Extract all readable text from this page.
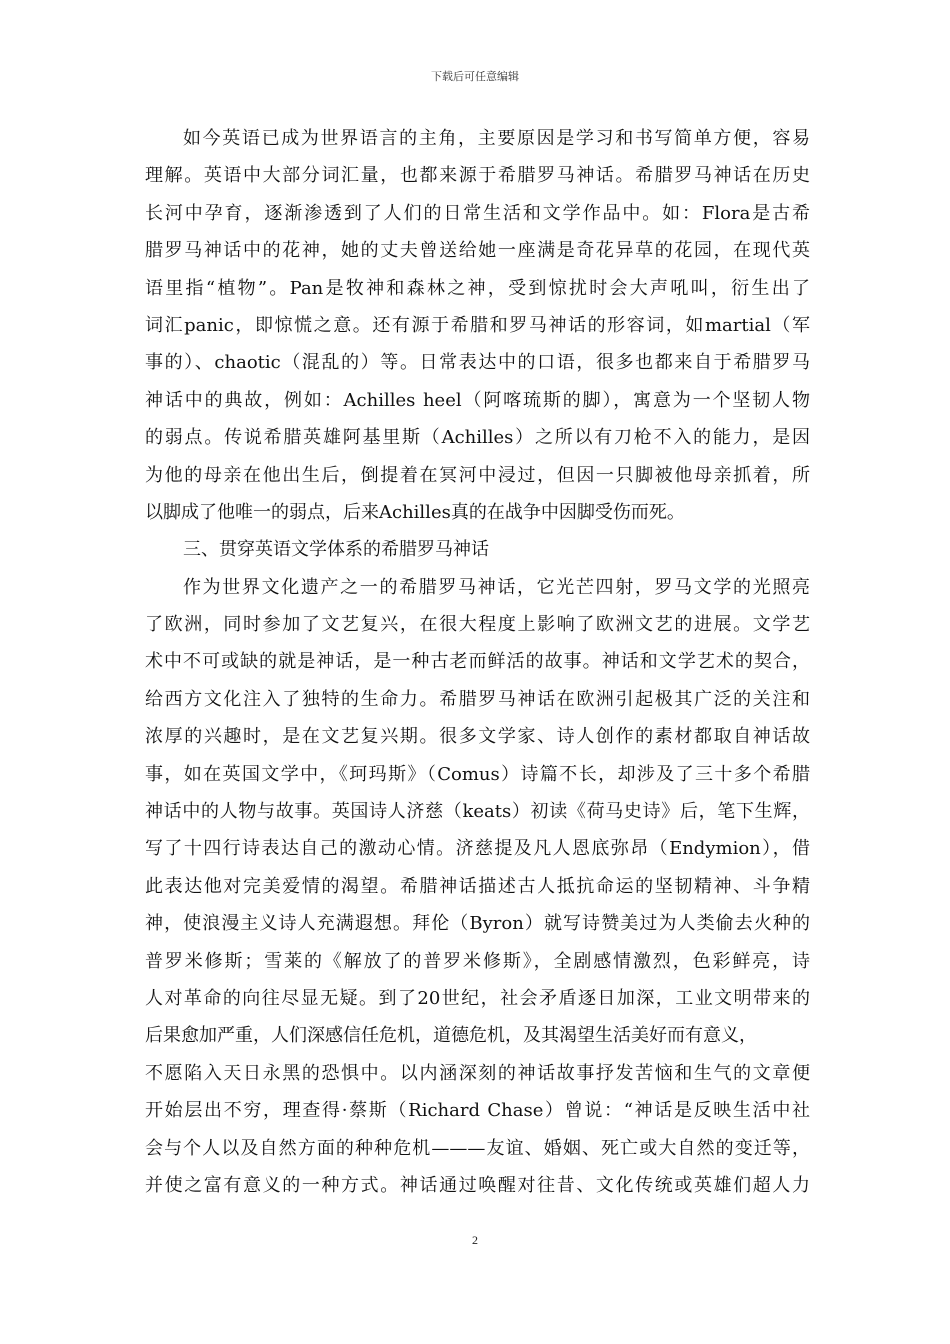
下载后可任意编辑
如今英语已成为世界语言的主角，主要原因是学习和书写简单方便，容易
理解。英语中大部分词汇量，也都来源于希腊罗马神话。希腊罗马神话在历史
长河中孕育，逐渐渗透到了人们的日常生活和文学作品中。如：Flora是古希
腊罗马神话中的花神，她的丈夫曾送给她一座满是奇花异草的花园，在现代英
语里指“植物”。Pan是牧神和森林之神，受到惊扰时会大声吼叫，衍生出了
词汇panic，即惊慌之意。还有源于希腊和罗马神话的形容词，如martial（军
事的）、chaotic（混乱的）等。日常表达中的口语，很多也都来自于希腊罗马
神话中的典故，例如：Achilles heel（阿喀琉斯的脚），寓意为一个坚韧人物
的弱点。传说希腊英雄阿基里斯（Achilles）之所以有刀枪不入的能力，是因
为他的母亲在他出生后，倒提着在冥河中浸过，但因一只脚被他母亲抓着，所
以脚成了他唯一的弱点，后来Achilles真的在战争中因脚受伤而死。
三、贯穿英语文学体系的希腊罗马神话
作为世界文化遗产之一的希腊罗马神话，它光芒四射，罗马文学的光照亮
了欧洲，同时参加了文艺复兴，在很大程度上影响了欧洲文艺的进展。文学艺
术中不可或缺的就是神话，是一种古老而鲜活的故事。神话和文学艺术的契合，
给西方文化注入了独特的生命力。希腊罗马神话在欧洲引起极其广泛的关注和
浓厚的兴趣时，是在文艺复兴期。很多文学家、诗人创作的素材都取自神话故
事，如在英国文学中，《珂玛斯》（Comus）诗篇不长，却涉及了三十多个希腊
神话中的人物与故事。英国诗人济慈（keats）初读《荷马史诗》后，笔下生辉，
写了十四行诗表达自己的激动心情。济慈提及凡人恩底弥昂（Endymion），借
此表达他对完美爱情的渴望。希腊神话描述古人抵抗命运的坚韧精神、斗争精
神，使浪漫主义诗人充满遐想。拜伦（Byron）就写诗赞美过为人类偷去火种的
普罗米修斯；雪莱的《解放了的普罗米修斯》，全剧感情激烈，色彩鲜亮，诗
人对革命的向往尽显无疑。到了20世纪，社会矛盾逐日加深，工业文明带来的
后果愈加严重，人们深感信任危机，道德危机，及其渴望生活美好而有意义，
不愿陷入天日永黑的恐惧中。以内涵深刻的神话故事抒发苦恼和生气的文章便
开始层出不穷，理查得·蔡斯（Richard Chase）曾说：“神话是反映生活中社
会与个人以及自然方面的种种危机———友谊、婚姻、死亡或大自然的变迁等，
并使之富有意义的一种方式。神话通过唤醒对往昔、文化传统或英雄们超人力
2
